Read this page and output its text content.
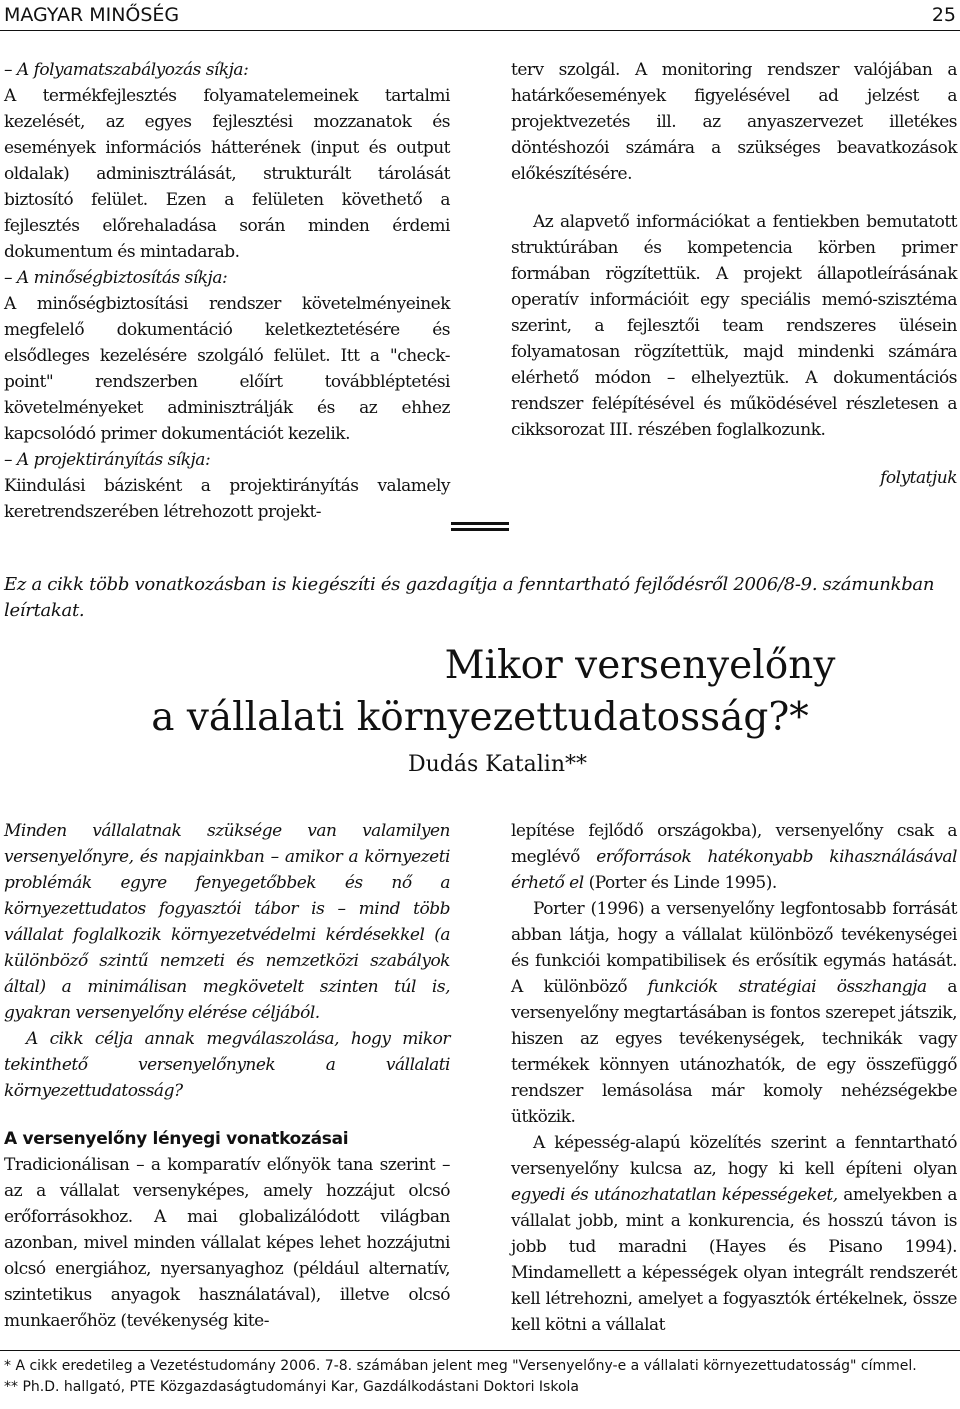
MAGYAR MINŐSÉG	25

– A folyamatszabályozás síkja:

A termékfejlesztés folyamatelemeinek tartalmi kezelését, az egyes fejlesztési mozzanatok és események információs hátterének (input és output oldalak) adminisztrálását, strukturált tárolását biztosító felület. Ezen a felületen követhető a fejlesztés előrehaladása során minden érdemi dokumentum és mintadarab.

– A minőségbiztosítás síkja:

A minőségbiztosítási rendszer követelményeinek megfelelő dokumentáció keletkeztetésére és elsődleges kezelésére szolgáló felület. Itt a "check-point" rendszerben előírt továbbléptetési követelményeket adminisztrálják és az ehhez kapcsolódó primer dokumentációt kezelik.

– A projektirányítás síkja:

Kiindulási bázisként a projektirányítás valamely keretrendszerében létrehozott projekt-

terv szolgál. A monitoring rendszer valójában a határkőesemények figyelésével ad jelzést a projektvezetés ill. az anyaszervezet illetékes döntéshozói számára a szükséges beavatkozások előkészítésére.

Az alapvető információkat a fentiekben bemutatott struktúrában és kompetencia körben primer formában rögzítettük. A projekt állapotleírásának operatív információit egy speciális memó-szisztéma szerint, a fejlesztői team rendszeres ülésein folyamatosan rögzítettük, majd mindenki számára elérhető módon – elhelyeztük. A dokumentációs rendszer felépítésével és működésével részletesen a cikksorozat III. részében foglalkozunk.

folytatjuk

Ez a cikk több vonatkozásban is kiegészíti és gazdagítja a fenntartható fejlődésről 2006/8-9. számunkban leírtakat.

Mikor versenyelőny
a vállalati környezettudatosság?*
Dudás Katalin**

Minden vállalatnak szüksége van valamilyen versenyelőnyre, és napjainkban – amikor a környezeti problémák egyre fenyegetőbbek és nő a környezettudatos fogyasztói tábor is – mind több vállalat foglalkozik környezetvédelmi kérdésekkel (a különböző szintű nemzeti és nemzetközi szabályok által) a minimálisan megkövetelt szinten túl is, gyakran versenyelőny elérése céljából.

A cikk célja annak megválaszolása, hogy mikor tekinthető versenyelőnynek a vállalati környezettudatosság?

A versenyelőny lényegi vonatkozásai

Tradicionálisan – a komparatív előnyök tana szerint – az a vállalat versenyképes, amely hozzájut olcsó erőforrásokhoz. A mai globalizálódott világban azonban, mivel minden vállalat képes lehet hozzájutni olcsó energiához, nyersanyaghoz (például alternatív, szintetikus anyagok használatával), illetve olcsó munkaerőhöz (tevékenység kite-

lepítése fejlődő országokba), versenyelőny csak a meglévő erőforrások hatékonyabb kihasználásával érhető el (Porter és Linde 1995).

Porter (1996) a versenyelőny legfontosabb forrását abban látja, hogy a vállalat különböző tevékenységei és funkciói kompatibilisek és erősítik egymás hatását. A különböző funkciók stratégiai összhangja a versenyelőny megtartásában is fontos szerepet játszik, hiszen az egyes tevékenységek, technikák vagy termékek könnyen utánozhatók, de egy összefüggő rendszer lemásolása már komoly nehézségekbe ütközik.

A képesség-alapú közelítés szerint a fenntartható versenyelőny kulcsa az, hogy ki kell építeni olyan egyedi és utánozhatatlan képességeket, amelyekben a vállalat jobb, mint a konkurencia, és hosszú távon is jobb tud maradni (Hayes és Pisano 1994). Mindamellett a képességek olyan integrált rendszerét kell létrehozni, amelyet a fogyasztók értékelnek, össze kell kötni a vállalat

* A cikk eredetileg a Vezetéstudomány 2006. 7-8. számában jelent meg "Versenyelőny-e a vállalati környezettudatosság" címmel.

** Ph.D. hallgató, PTE Közgazdaságtudományi Kar, Gazdálkodástani Doktori Iskola
